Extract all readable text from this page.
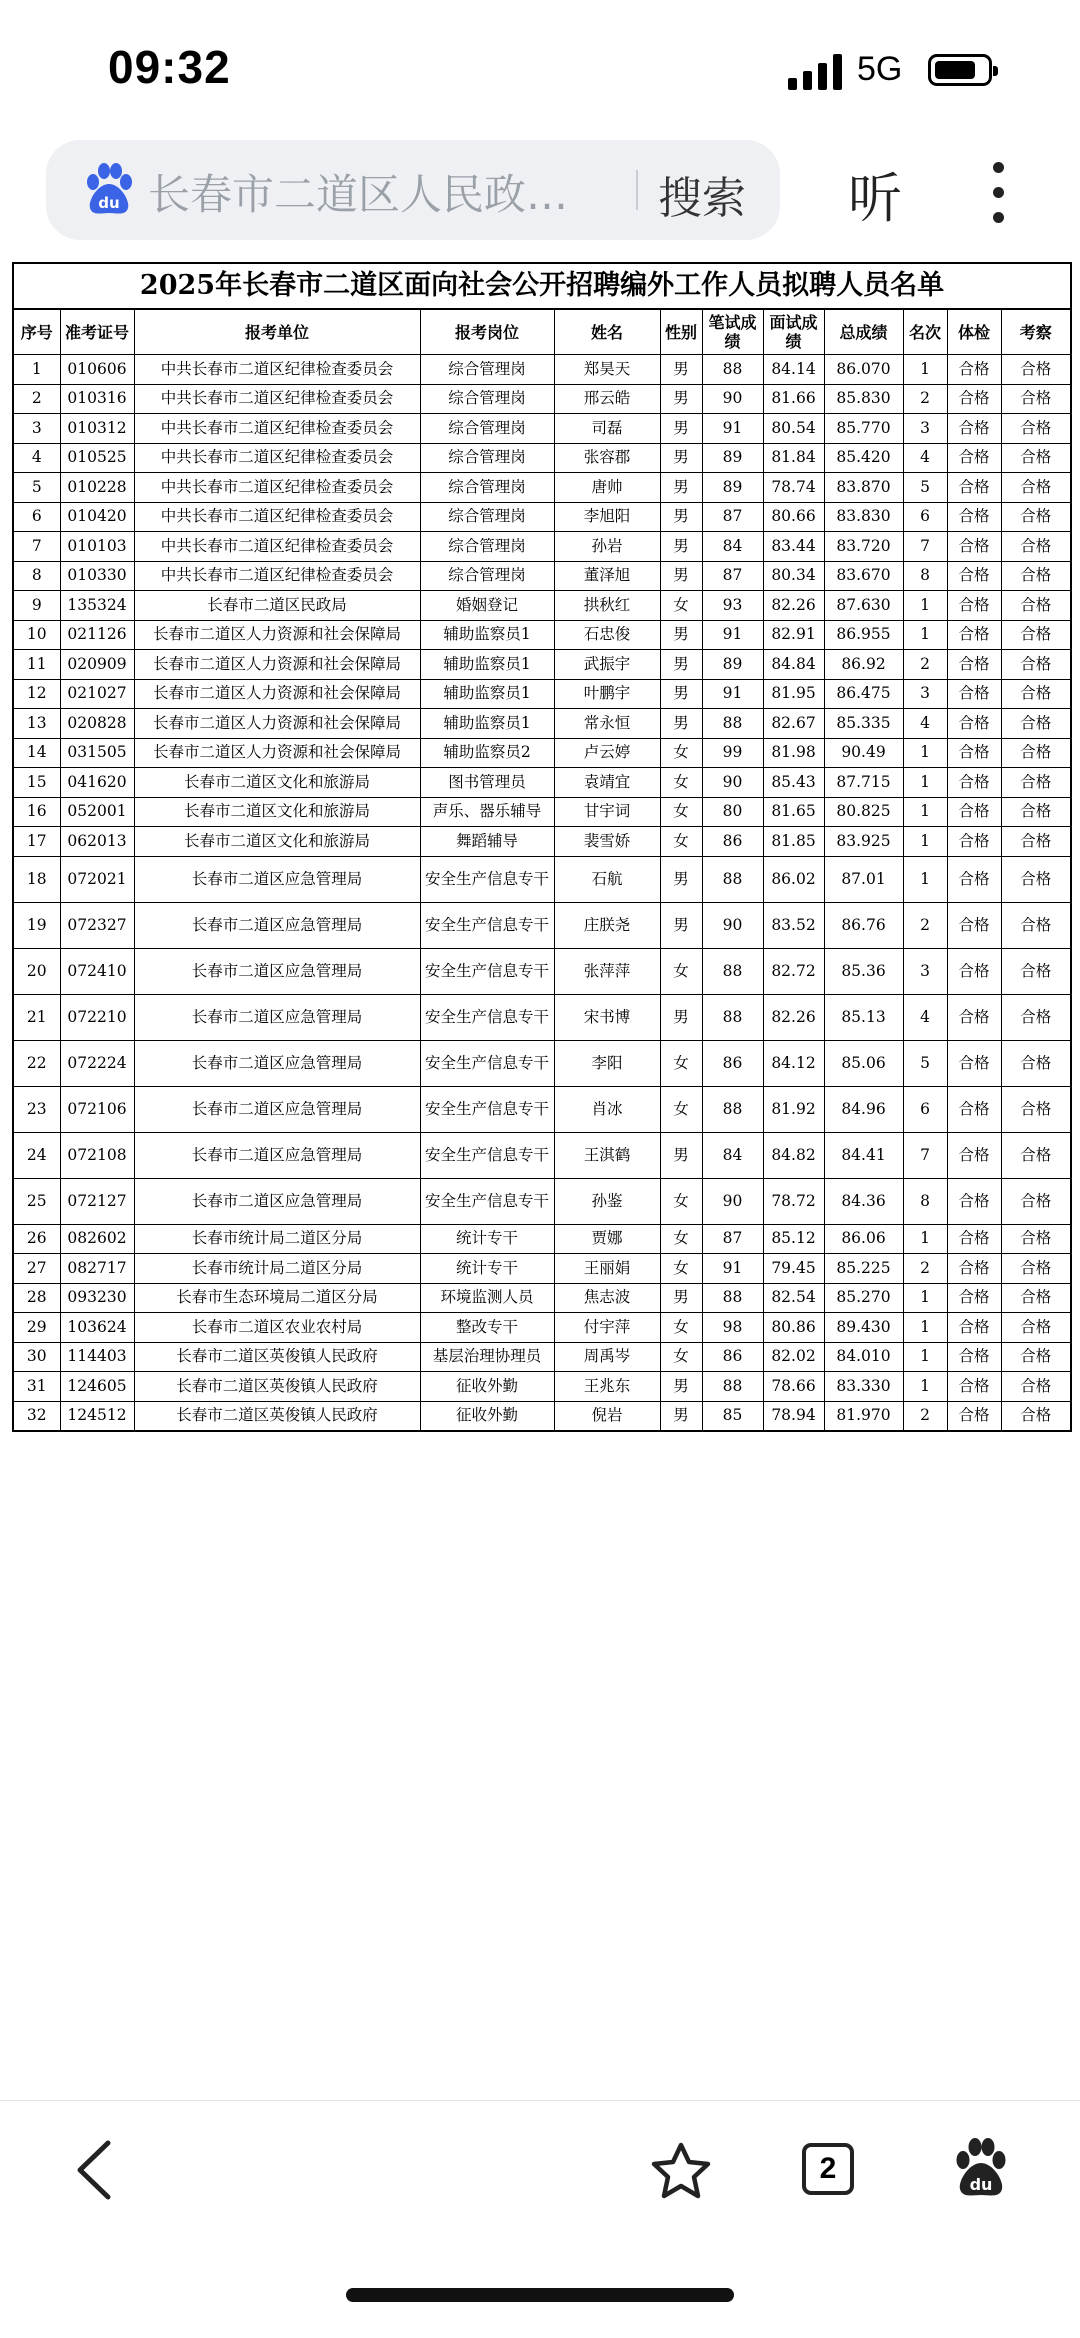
09:32	5G
du 长春市二道区人民政…	搜索 听
2025年长春市二道区面向社会公开招聘编外工作人员拟聘人员名单
序号	准考证号	报考单位	报考岗位	姓名	性别	笔试成绩	面试成绩	总成绩	名次	体检	考察
1	010606	中共长春市二道区纪律检查委员会	综合管理岗	郑昊天	男	88	84.14	86.070	1	合格	合格
2	010316	中共长春市二道区纪律检查委员会	综合管理岗	邢云皓	男	90	81.66	85.830	2	合格	合格
3	010312	中共长春市二道区纪律检查委员会	综合管理岗	司磊	男	91	80.54	85.770	3	合格	合格
4	010525	中共长春市二道区纪律检查委员会	综合管理岗	张容郡	男	89	81.84	85.420	4	合格	合格
5	010228	中共长春市二道区纪律检查委员会	综合管理岗	唐帅	男	89	78.74	83.870	5	合格	合格
6	010420	中共长春市二道区纪律检查委员会	综合管理岗	李旭阳	男	87	80.66	83.830	6	合格	合格
7	010103	中共长春市二道区纪律检查委员会	综合管理岗	孙岩	男	84	83.44	83.720	7	合格	合格
8	010330	中共长春市二道区纪律检查委员会	综合管理岗	董泽旭	男	87	80.34	83.670	8	合格	合格
9	135324	长春市二道区民政局	婚姻登记	拱秋红	女	93	82.26	87.630	1	合格	合格
10	021126	长春市二道区人力资源和社会保障局	辅助监察员1	石忠俊	男	91	82.91	86.955	1	合格	合格
11	020909	长春市二道区人力资源和社会保障局	辅助监察员1	武振宇	男	89	84.84	86.92	2	合格	合格
12	021027	长春市二道区人力资源和社会保障局	辅助监察员1	叶鹏宇	男	91	81.95	86.475	3	合格	合格
13	020828	长春市二道区人力资源和社会保障局	辅助监察员1	常永恒	男	88	82.67	85.335	4	合格	合格
14	031505	长春市二道区人力资源和社会保障局	辅助监察员2	卢云婷	女	99	81.98	90.49	1	合格	合格
15	041620	长春市二道区文化和旅游局	图书管理员	袁靖宜	女	90	85.43	87.715	1	合格	合格
16	052001	长春市二道区文化和旅游局	声乐、器乐辅导	甘宇词	女	80	81.65	80.825	1	合格	合格
17	062013	长春市二道区文化和旅游局	舞蹈辅导	裴雪娇	女	86	81.85	83.925	1	合格	合格
18	072021	长春市二道区应急管理局	安全生产信息专干	石航	男	88	86.02	87.01	1	合格	合格
19	072327	长春市二道区应急管理局	安全生产信息专干	庄朕尧	男	90	83.52	86.76	2	合格	合格
20	072410	长春市二道区应急管理局	安全生产信息专干	张萍萍	女	88	82.72	85.36	3	合格	合格
21	072210	长春市二道区应急管理局	安全生产信息专干	宋书博	男	88	82.26	85.13	4	合格	合格
22	072224	长春市二道区应急管理局	安全生产信息专干	李阳	女	86	84.12	85.06	5	合格	合格
23	072106	长春市二道区应急管理局	安全生产信息专干	肖冰	女	88	81.92	84.96	6	合格	合格
24	072108	长春市二道区应急管理局	安全生产信息专干	王淇鹤	男	84	84.82	84.41	7	合格	合格
25	072127	长春市二道区应急管理局	安全生产信息专干	孙鉴	女	90	78.72	84.36	8	合格	合格
26	082602	长春市统计局二道区分局	统计专干	贾娜	女	87	85.12	86.06	1	合格	合格
27	082717	长春市统计局二道区分局	统计专干	王丽娟	女	91	79.45	85.225	2	合格	合格
28	093230	长春市生态环境局二道区分局	环境监测人员	焦志波	男	88	82.54	85.270	1	合格	合格
29	103624	长春市二道区农业农村局	整改专干	付宇萍	女	98	80.86	89.430	1	合格	合格
30	114403	长春市二道区英俊镇人民政府	基层治理协理员	周禹岑	女	86	82.02	84.010	1	合格	合格
31	124605	长春市二道区英俊镇人民政府	征收外勤	王兆东	男	88	78.66	83.330	1	合格	合格
32	124512	长春市二道区英俊镇人民政府	征收外勤	倪岩	男	85	78.94	81.970	2	合格	合格
2	du
